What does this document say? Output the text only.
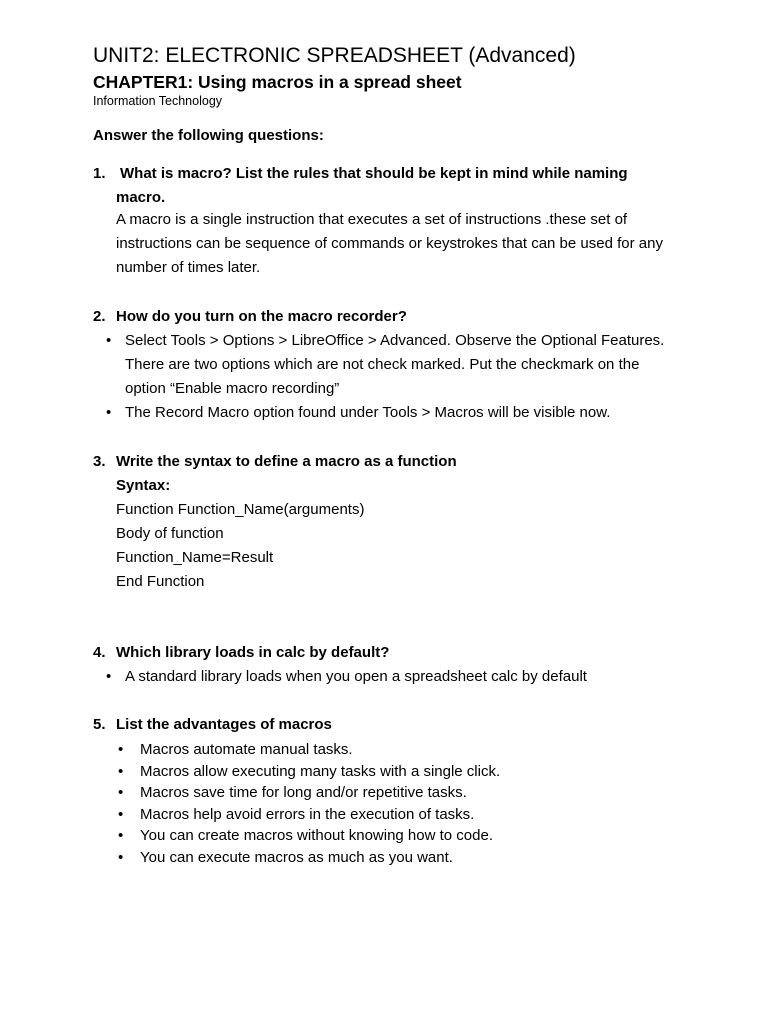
UNIT2: ELECTRONIC SPREADSHEET (Advanced)
CHAPTER1: Using macros in a spread sheet
Information Technology
Answer the following questions:
1. What is macro? List the rules that should be kept in mind while naming macro.
A macro is a single instruction that executes a set of instructions .these set of instructions can be sequence of commands or keystrokes that can be used for any number of times later.
2. How do you turn on the macro recorder?
• Select Tools > Options > LibreOffice > Advanced. Observe the Optional Features. There are two options which are not check marked. Put the checkmark on the option “Enable macro recording”
• The Record Macro option found under Tools > Macros will be visible now.
3. Write the syntax to define a macro as a function
Syntax:
Function Function_Name(arguments)
Body of function
Function_Name=Result
End Function
4. Which library loads in calc by default?
• A standard library loads when you open a spreadsheet calc by default
5. List the advantages of macros
• Macros automate manual tasks.
• Macros allow executing many tasks with a single click.
• Macros save time for long and/or repetitive tasks.
• Macros help avoid errors in the execution of tasks.
• You can create macros without knowing how to code.
• You can execute macros as much as you want.
